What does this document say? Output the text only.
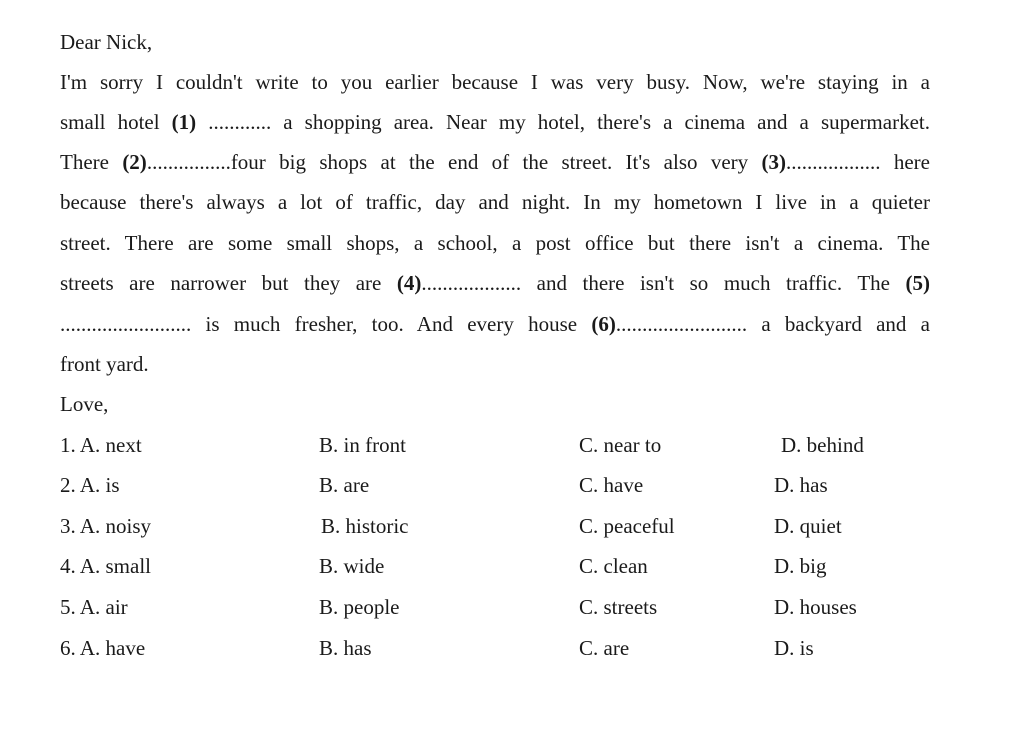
Dear Nick,
I'm sorry I couldn't write to you earlier because I was very busy. Now, we're staying in a
small hotel (1) ............ a shopping area. Near my hotel, there's a cinema and a supermarket.
There (2)................four big shops at the end of the street. It's also very (3).................. here
because there's always a lot of traffic, day and night. In my hometown I live in a quieter
street. There are some small shops, a school, a post office but there isn't a cinema. The
streets are narrower but they are (4)................... and there isn't so much traffic. The (5)
......................... is much fresher, too. And every house (6)......................... a backyard and a
front yard.
Love,
1. A. next	B. in front	C. near to	D. behind
2. A. is	B. are	C. have	D. has
3. A. noisy	B. historic	C. peaceful	D. quiet
4. A. small	B. wide	C. clean	D. big
5. A. air	B. people	C. streets	D. houses
6. A. have	B. has	C. are	D. is
